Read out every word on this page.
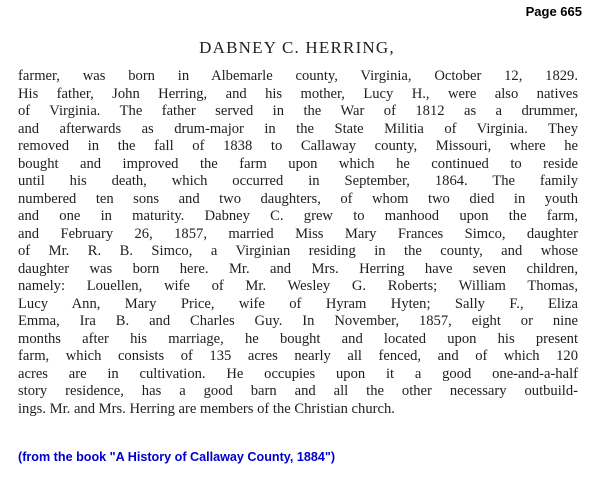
Page 665
DABNEY C. HERRING,
farmer, was born in Albemarle county, Virginia, October 12, 1829.
His father, John Herring, and his mother, Lucy H., were also natives
of Virginia. The father served in the War of 1812 as a drummer,
and afterwards as drum-major in the State Militia of Virginia. They
removed in the fall of 1838 to Callaway county, Missouri, where he
bought and improved the farm upon which he continued to reside
until his death, which occurred in September, 1864. The family
numbered ten sons and two daughters, of whom two died in youth
and one in maturity. Dabney C. grew to manhood upon the farm,
and February 26, 1857, married Miss Mary Frances Simco, daughter
of Mr. R. B. Simco, a Virginian residing in the county, and whose
daughter was born here. Mr. and Mrs. Herring have seven children,
namely: Louellen, wife of Mr. Wesley G. Roberts; William Thomas,
Lucy Ann, Mary Price, wife of Hyram Hyten; Sally F., Eliza
Emma, Ira B. and Charles Guy. In November, 1857, eight or nine
months after his marriage, he bought and located upon his present
farm, which consists of 135 acres nearly all fenced, and of which 120
acres are in cultivation. He occupies upon it a good one-and-a-half
story residence, has a good barn and all the other necessary outbuild-
ings. Mr. and Mrs. Herring are members of the Christian church.
(from the book "A History of Callaway County, 1884")
